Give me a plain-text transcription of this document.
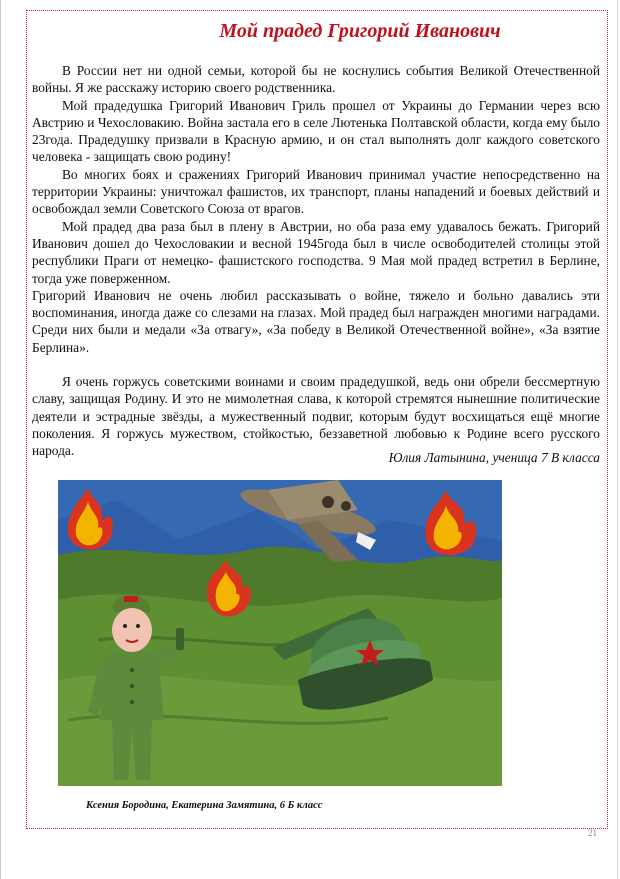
Мой прадед Григорий Иванович

В России нет ни одной семьи, которой бы не коснулись события Великой Отечественной войны. Я же расскажу историю своего родственника.

Мой прадедушка Григорий Иванович Гриль прошел от Украины до Германии через всю Австрию и Чехословакию. Война застала его в селе Лютенька Полтавской области, когда ему было 23года. Прадедушку призвали в Красную армию, и он стал выполнять долг каждого советского человека - защищать свою родину!

Во многих боях и сражениях Григорий Иванович принимал участие непосредственно на территории Украины: уничтожал фашистов, их транспорт, планы нападений и боевых действий и освобождал земли Советского Союза от врагов.

Мой прадед два раза был в плену в Австрии, но оба раза ему удавалось бежать. Григорий Иванович дошел до Чехословакии и весной 1945года был в числе освободителей столицы этой республики Праги от немецко- фашистского господства. 9 Мая мой прадед встретил в Берлине, тогда уже поверженном.

Григорий Иванович не очень любил рассказывать о войне, тяжело и больно давались эти воспоминания, иногда даже со слезами на глазах. Мой прадед был награжден многими наградами. Среди них были и медали «За отвагу», «За победу в Великой Отечественной войне», «За взятие Берлина».

Я очень горжусь советскими воинами и своим прадедушкой, ведь они обрели бессмертную славу, защищая Родину. И это не мимолетная слава, к которой стремятся нынешние политические деятели и эстрадные звёзды, а мужественный подвиг, которым будут восхищаться ещё многие поколения. Я горжусь мужеством, стойкостью, беззаветной любовью к Родине всего русского народа.	Юлия Латынина, ученица 7 В класса
Ксения Бородина, Екатерина Замятина, 6 Б класс
21
